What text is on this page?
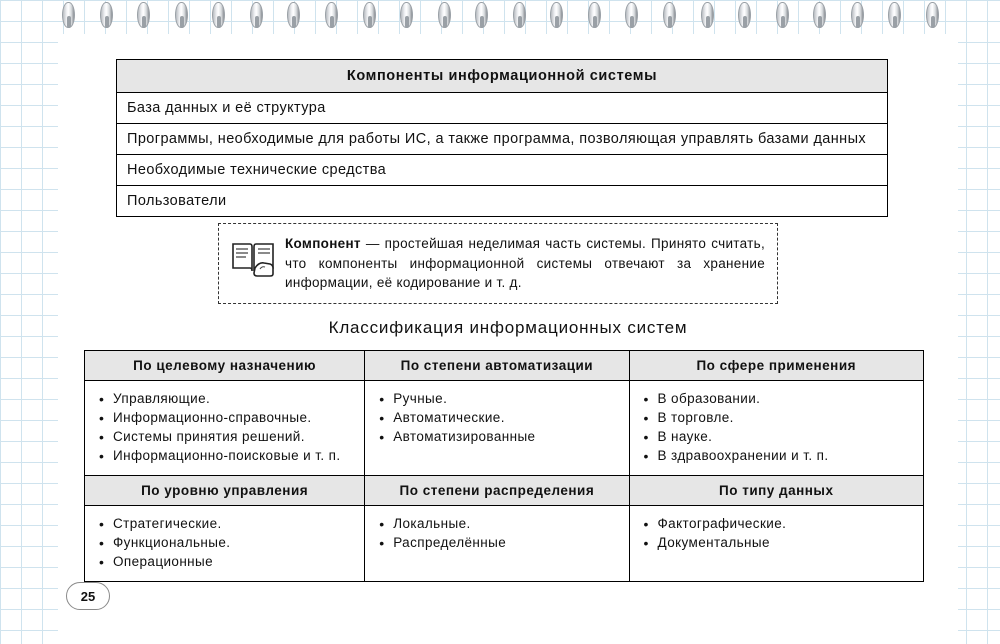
Компоненты информационной системы
База данных и её структура
Программы, необходимые для работы ИС, а также программа, позволяющая управлять базами данных
Необходимые технические средства
Пользователи
Компонент — простейшая неделимая часть системы. Принято считать, что компоненты информационной системы отвечают за хранение информации, её кодирование и т. д.
Классификация информационных систем
По целевому назначению	По степени автоматизации	По сфере применения

• Управляющие.
• Информационно-справочные.
• Системы принятия решений.
• Информационно-поисковые и т. п.

• Ручные.
• Автоматические.
• Автоматизированные

• В образовании.
• В торговле.
• В науке.
• В здравоохранении и т. п.

По уровню управления	По степени распределения	По типу данных

• Стратегические.
• Функциональные.
• Операционные

• Локальные.
• Распределённые

• Фактографические.
• Документальные
25
